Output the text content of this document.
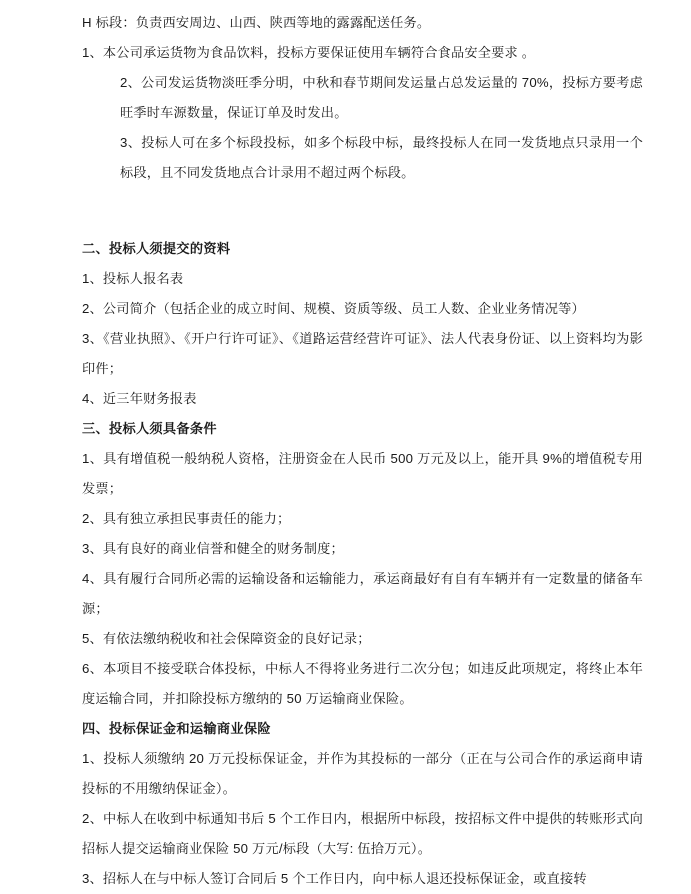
H 标段：负责西安周边、山西、陕西等地的露露配送任务。

1、本公司承运货物为食品饮料，投标方要保证使用车辆符合食品安全要求 。

2、公司发运货物淡旺季分明，中秋和春节期间发运量占总发运量的 70%，投标方要考虑旺季时车源数量，保证订单及时发出。

3、投标人可在多个标段投标，如多个标段中标，最终投标人在同一发货地点只录用一个标段，且不同发货地点合计录用不超过两个标段。

二、投标人须提交的资料

1、投标人报名表

2、公司简介（包括企业的成立时间、规模、资质等级、员工人数、企业业务情况等）

3、《营业执照》、《开户行许可证》、《道路运营经营许可证》、法人代表身份证、以上资料均为影印件；

4、近三年财务报表

三、投标人须具备条件

1、具有增值税一般纳税人资格，注册资金在人民币 500 万元及以上，能开具 9%的增值税专用发票；

2、具有独立承担民事责任的能力；

3、具有良好的商业信誉和健全的财务制度；

4、具有履行合同所必需的运输设备和运输能力，承运商最好有自有车辆并有一定数量的储备车源；

5、有依法缴纳税收和社会保障资金的良好记录；

6、本项目不接受联合体投标，中标人不得将业务进行二次分包；如违反此项规定，将终止本年度运输合同，并扣除投标方缴纳的 50 万运输商业保险。

四、投标保证金和运输商业保险

1、投标人须缴纳 20 万元投标保证金，并作为其投标的一部分（正在与公司合作的承运商申请投标的不用缴纳保证金）。

2、中标人在收到中标通知书后 5 个工作日内，根据所中标段，按招标文件中提供的转账形式向招标人提交运输商业保险 50 万元/标段（大写: 伍拾万元）。

3、招标人在与中标人签订合同后 5 个工作日内，向中标人退还投标保证金，或直接转
